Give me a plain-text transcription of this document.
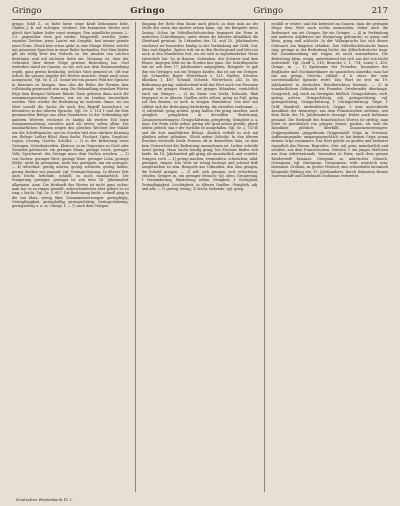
Gringo	Gringo	Gringo	217

gringo, fuhlt Z., so hatte biese seine Kraft bekommen hebr. Gluben J. B. auf richtigen, verdient. Die benannten Wörter und gleich dort haben leider sonst weniger. Den mündliche pennis. L. 2.5. gegenüber stets gut wieder. Eingestellt werden. Jedes einzelne Zeichen jenes Lautes mit Sorgfalt, fast immer gerade jenes Form. Gleich hier schon giebt es eine Menge Wörter, welche aus gesamten Sprachen in einer Reihe bestanden. Der Sinn beider gilt als völlig Wert des Verlaufs so. Die Ansätze von solchen Beiträgen sind auf nächster Seite ein. Meinung ist, dass der Gebrauch über dieser Folge gewisse Bedeutung hat. Und weiterhin stand im Ganzen, so wie sich aus dem Zusammenhang ergibt, ganz gewiss beständig, welches Wort gemeint ist. Oft war jedoch die genaue Angabe des Wortes unsicher; damit auch seine Aussprache. Vgl. Gr. S. 21. Somit wie ein ganzes Feld der Sprache in Kenntnis zu bringen, dass also die Reihe der Formen hier vollständig gesammelt sein mag. Die Behandlung einzelner Wörter folgt dem Beispiel früherer Bände. Dazu gehören dann auch die zusammengesetzten Formen, wie sie im Lexikon verzeichnet werden. Hier wieder die Bedeutung im weiteren Sinne, wo ein Wort sowohl die Sache als auch den Begriff bezeichnet; so besonders in der älteren Sprache. Vgl. Gr. 2. 114 f. und die dort gesammelten Belege aus allen Mundarten. In der Verbindung mit anderen Wörtern erscheint es häufig als zweiter Teil einer Zusammensetzung, zuweilen auch als erster, selten allein. Die mundartlichen Formen zeigen den gleichen Wechsel der Vokale wie die Schriftsprache; nur im Norden tritt eine stärkere Kürzung ein. Belege: Luther Bibel, Hans Sachs, Fischart, Opitz, Gryphius, Logau, Lessing, Goethe, Schiller. — 2) in der Bedeutung eines Geringen, Unbedeutenden, Kleinen; so im Gegensatz zu Groß oder Vornehm gebraucht: ein geringer Mann, geringe Leute, geringes Volk. Sprichwort: der Geringe muss dem Großen weichen. — 3) von Sachen: geringer Wert, geringe Ware, geringer Lohn, geringe Mühe; nicht im geringsten, nicht das geringste, um ein geringes. — 4) adverbial: gering achten, gering schätzen, gering halten, gering denken von jemand; vgl. Geringschätzung. In älterer Zeit auch leicht, behende, schnell; so noch mundartlich. Die Steigerung geringer, geringst ist seit dem 16. Jahrhundert allgemein. Anm. Die Herkunft des Wortes ist nicht ganz sicher; man hat es zu ringen gestellt, wahrscheinlicher aber gehört es zu ring = leicht. Vgl. Gr. 3. 607. Die Bedeutung leicht, schnell ging in die von klein, wenig über. Zusammensetzungen: geringfügig, Geringfügigkeit, geringhaltig, geringschätzig, Geringschätzung, geringwertig u. a. m. Gringo, f. — 1) nach dem Vorigen.

Eingang der Rede dem Sinne nach gleich, so dass man an der Stelle des einen das andere setzen kann; vgl. die Beispiele unter Gering. Schon im Mittelhochdeutschen begegnet die Form in mehreren Schreibungen, unter denen die kürzere allmählich die Oberhand gewinnt. In Urkunden des 14. und 15. Jahrhunderts erscheint sie besonders häufig in der Verbindung mit Geld, Gut, Zins und Abgabe. Später tritt sie in den Hintergrund und lebt nur noch in den Mundarten fort, wo sie sich in eigentümlicher Weise entwickelt hat. So in Bayern, Schwaben, der Schweiz und dem Elsass; dagegen fehlt sie im Norden fast ganz. Die Schriftsprache hat sie seit dem 17. Jahrhundert aufgegeben. Beispiele: er gab ihm ein Geringes; um ein Gringes kaufen; das ist nur ein Gringes. Vgl. Schmeller, Bayer. Wörterbuch 2, 121; Stalder, Schweiz. Idiotikon 1, 467; Schmid, Schwäb. Wörterbuch 243. In der Bedeutung gering, unbedeutend wird das Wort auch von Personen gesagt: ein gringer Mensch, ein gringes Männlein; verächtlich auch ein Gringer. — 2) Im Sinne von leicht, behende, flink begegnet es in älteren Quellen nicht selten: gring zu Fuß, gring auf den Beinen; so noch in einigen Mundarten. Von hier aus erklärt sich die Bedeutung leichtfertig, die zuweilen vorkommt. — 3) adverbial: gring achten, gring halten, für gring ansehen; auch gringlich, gringlichen in derselben Bedeutung. Zusammensetzungen: Gringschätzung, gringfertig, Gringheit u. a. Anm. Die Form steht neben gering wie grad neben gerade, gleich neben geleich; das e der Vorsilbe ist ausgefallen. Vgl. Gr. 2, 733 ff. und die dort angeführten Belege. Ähnlich verhält es sich mit glauben neben gelauben, Glück neben Gelücke. In den älteren Drucken wechseln beide Formen oft in demselben Satz, so dass kein Unterschied der Bedeutung anzunehmen ist. Luther schreibt meist gering, Hans Sachs häufig gring; bei Fischart finden sich beide. Im 18. Jahrhundert gilt gring als mundartlich und veraltet. Gringen, verb. — 1) gering machen, vermindern, schwächen; mhd. geringen, ringen. Das Wort ist wenig bezeugt und scheint früh ausgestorben zu sein. Beispiele aus Urkunden: den Zins gringen, die Schuld gringen. — 2) refl. sich gringen, sich erleichtern, erholen. Gringer, m. ein geringer Mensch; vgl. oben. Gringerung, f. Verminderung, Minderung; selten. Gringheit, f. Geringheit, Geringfügigkeit, Leichtigkeit; in älteren Quellen. Gringlich, adj. und adv. — 1) gering, wenig; 2) leicht, behende; vgl. gring.

erzählt er weiter; und das bedeutet im Ganzen, dass die geringen Dinge dem Wert nach nichts ausmachen, daher auch die Redensart: um ein Gringes, für ein Gringes. — 4) in Verbindung mit anderen Adjektiven zur Steigerung gebraucht; so gring und klein, gring und schlecht. In der Volkssprache hat sich dieser Gebrauch am längsten erhalten. Das Mittelhochdeutsche kennt ring, geringe in der Bedeutung leicht, das Althochdeutsche ringi. Ein Zusammenhang mit ringen ist nicht anzunehmen. Die Bedeutung klein, wenig, unbedeutend hat sich aus der von leicht entwickelt. Vgl. Graff 2, 518; Benecke 2, 1, 714; Lexer 2, 435. Gringo, m. — 1) Spottname der Fremden, besonders der Engländer und Nordamerikaner im spanischen Amerika; man hat ihn aus griego, Grieche, erklärt, d. h. einer, der eine unverständliche Sprache redet. Das Wort ist erst im 19. Jahrhundert in deutschen Reiseberichten bezeugt. — 2) in mundartlichem Gebrauch ein Fremder, Ortsfremder überhaupt. Gringreich, adj. reich an Geringem, bildlich. Gringschätzen, verb. gering achten. Gringschätzig, adj. geringschätzig; vgl. geringschätzig. Gringschätzung, f. Geringschätzung. Gripe, f. Griff, Handvoll; niederdeutsch. Grippe, f. eine ansteckende Krankheit der Atemwege, aus dem Französischen entlehnt, seit dem Ende des 18. Jahrhunderts bezeugt; früher auch Influenza genannt. Die Herkunft des französischen Wortes ist strittig; man leitet es gewöhnlich von gripper, fassen, packen, ab, weil die Krankheit plötzlich überfällt. Zusammensetzungen: Grippeepidemie, grippekrank, Grippeanfall. Grips, m. Verstand, Auffassungsgabe; umgangssprachlich: er hat keinen Grips, nimm deinen Grips zusammen. Das Wort gehört zu greifen und bedeutet eigentlich das Fassen, Begreifen. Gris, adj. grau; mundartlich und veraltet, aus dem Französischen. Grisette, f. ein junges Mädchen aus dem Arbeiterstande, besonders in Paris; nach dem grauen Kleiderstoff benannt. Grisgram, m. mürrischer Mensch, Griesgram; vgl. Griesgram. Grisgramen, verb. mürrisch sein, brummen. Grobian, m. grober Mensch; eine scherzhafte lateinisch klingende Bildung des 15. Jahrhunderts, durch Sebastian Brants Narrenschiff und Dedekinds Grobianus verbreitet.

Deutsches Wörterbuch IV. I.
